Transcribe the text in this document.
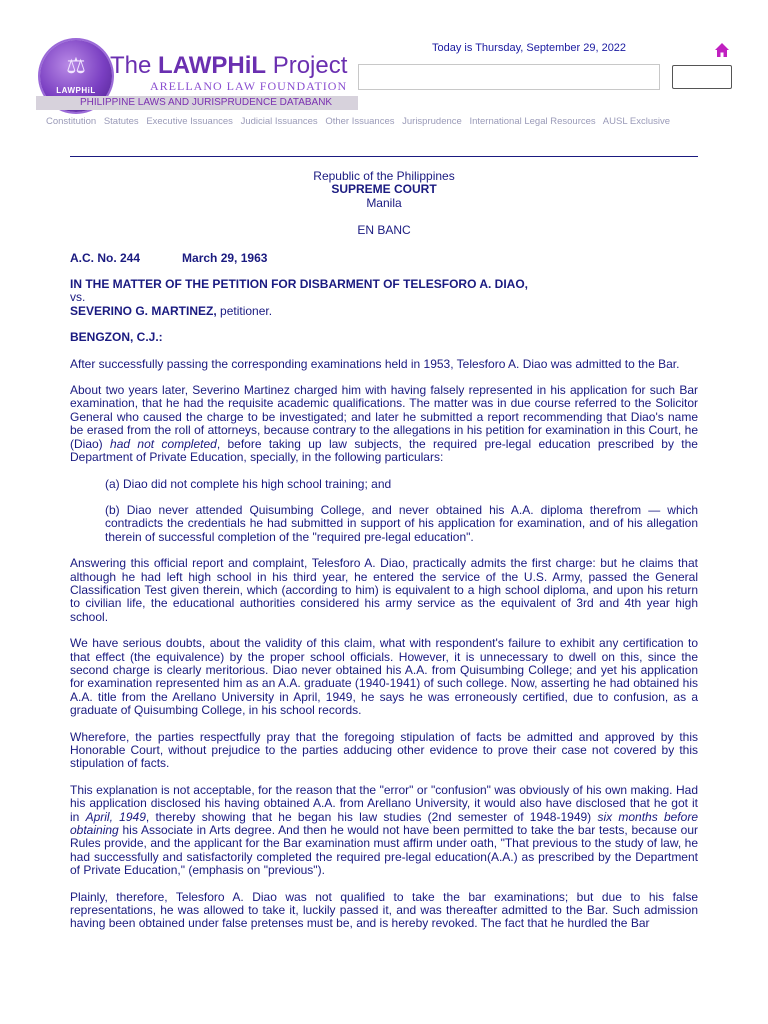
⚖
LAWPHiL
The LAWPHiL Project
ARELLANO LAW FOUNDATION
PHILIPPINE LAWS AND JURISPRUDENCE DATABANK
Today is Thursday, September 29, 2022
Constitution Statutes Executive Issuances Judicial Issuances Other Issuances Jurisprudence International Legal Resources AUSL Exclusive

Republic of the Philippines

SUPREME COURT

Manila

EN BANC

A.C. No. 244	March 29, 1963

IN THE MATTER OF THE PETITION FOR DISBARMENT OF TELESFORO A. DIAO,

vs.

SEVERINO G. MARTINEZ, petitioner.

BENGZON, C.J.:

After successfully passing the corresponding examinations held in 1953, Telesforo A. Diao was admitted to the Bar.

About two years later, Severino Martinez charged him with having falsely represented in his application for such Bar examination, that he had the requisite academic qualifications. The matter was in due course referred to the Solicitor General who caused the charge to be investigated; and later he submitted a report recommending that Diao's name be erased from the roll of attorneys, because contrary to the allegations in his petition for examination in this Court, he (Diao) had not completed, before taking up law subjects, the required pre-legal education prescribed by the Department of Private Education, specially, in the following particulars:

(a) Diao did not complete his high school training; and

(b) Diao never attended Quisumbing College, and never obtained his A.A. diploma therefrom — which contradicts the credentials he had submitted in support of his application for examination, and of his allegation therein of successful completion of the "required pre-legal education".

Answering this official report and complaint, Telesforo A. Diao, practically admits the first charge: but he claims that although he had left high school in his third year, he entered the service of the U.S. Army, passed the General Classification Test given therein, which (according to him) is equivalent to a high school diploma, and upon his return to civilian life, the educational authorities considered his army service as the equivalent of 3rd and 4th year high school.

We have serious doubts, about the validity of this claim, what with respondent's failure to exhibit any certification to that effect (the equivalence) by the proper school officials. However, it is unnecessary to dwell on this, since the second charge is clearly meritorious. Diao never obtained his A.A. from Quisumbing College; and yet his application for examination represented him as an A.A. graduate (1940-1941) of such college. Now, asserting he had obtained his A.A. title from the Arellano University in April, 1949, he says he was erroneously certified, due to confusion, as a graduate of Quisumbing College, in his school records.

Wherefore, the parties respectfully pray that the foregoing stipulation of facts be admitted and approved by this Honorable Court, without prejudice to the parties adducing other evidence to prove their case not covered by this stipulation of facts.

This explanation is not acceptable, for the reason that the "error" or "confusion" was obviously of his own making. Had his application disclosed his having obtained A.A. from Arellano University, it would also have disclosed that he got it in April, 1949, thereby showing that he began his law studies (2nd semester of 1948-1949) six months before obtaining his Associate in Arts degree. And then he would not have been permitted to take the bar tests, because our Rules provide, and the applicant for the Bar examination must affirm under oath, "That previous to the study of law, he had successfully and satisfactorily completed the required pre-legal education(A.A.) as prescribed by the Department of Private Education," (emphasis on "previous").

Plainly, therefore, Telesforo A. Diao was not qualified to take the bar examinations; but due to his false representations, he was allowed to take it, luckily passed it, and was thereafter admitted to the Bar. Such admission having been obtained under false pretenses must be, and is hereby revoked. The fact that he hurdled the Bar
